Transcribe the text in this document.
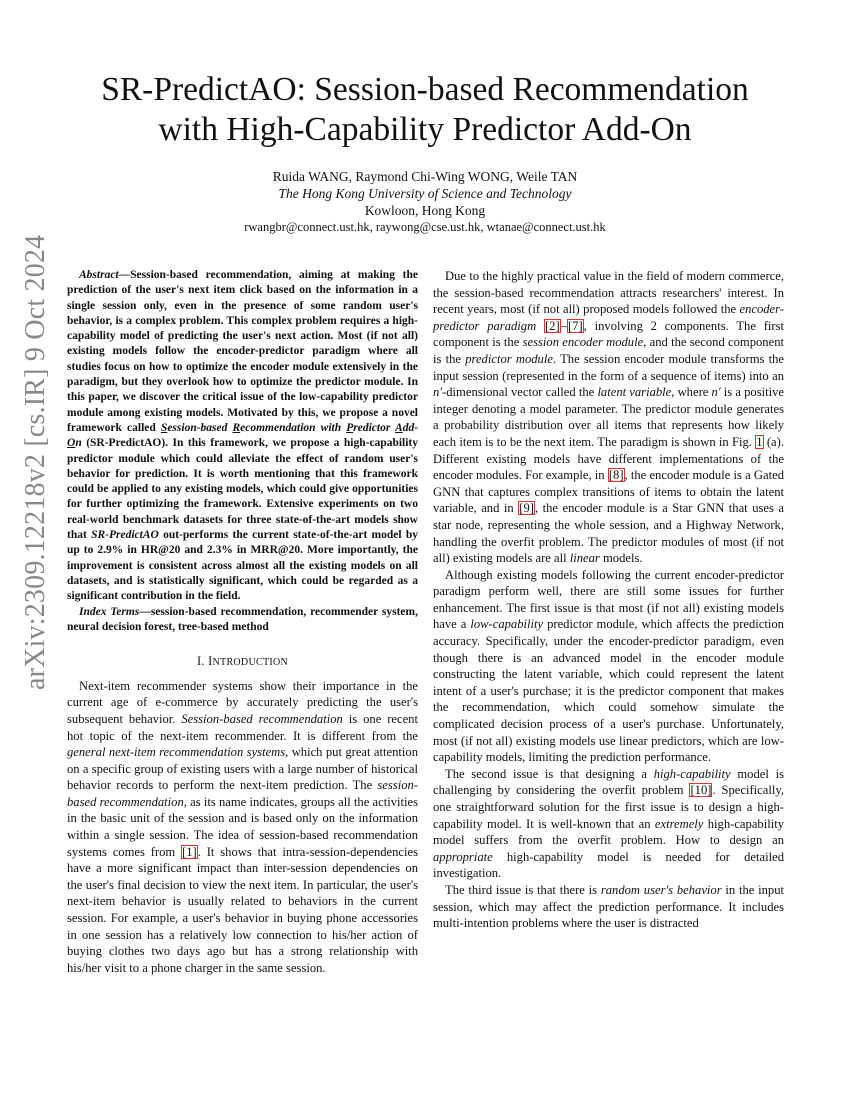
arXiv:2309.12218v2 [cs.IR] 9 Oct 2024
SR-PredictAO: Session-based Recommendation
with High-Capability Predictor Add-On
Ruida WANG, Raymond Chi-Wing WONG, Weile TAN
The Hong Kong University of Science and Technology
Kowloon, Hong Kong
rwangbr@connect.ust.hk, raywong@cse.ust.hk, wtanae@connect.ust.hk

Abstract—Session-based recommendation, aiming at making the prediction of the user's next item click based on the information in a single session only, even in the presence of some random user's behavior, is a complex problem. This complex problem requires a high-capability model of predicting the user's next action. Most (if not all) existing models follow the encoder-predictor paradigm where all studies focus on how to optimize the encoder module extensively in the paradigm, but they overlook how to optimize the predictor module. In this paper, we discover the critical issue of the low-capability predictor module among existing models. Motivated by this, we propose a novel framework called Session-based Recommendation with Predictor Add-On (SR-PredictAO). In this framework, we propose a high-capability predictor module which could alleviate the effect of random user's behavior for prediction. It is worth mentioning that this framework could be applied to any existing models, which could give opportunities for further optimizing the framework. Extensive experiments on two real-world benchmark datasets for three state-of-the-art models show that SR-PredictAO out-performs the current state-of-the-art model by up to 2.9% in HR@20 and 2.3% in MRR@20. More importantly, the improvement is consistent across almost all the existing models on all datasets, and is statistically significant, which could be regarded as a significant contribution in the field.

Index Terms—session-based recommendation, recommender system, neural decision forest, tree-based method
I. INTRODUCTION

Next-item recommender systems show their importance in the current age of e-commerce by accurately predicting the user's subsequent behavior. Session-based recommendation is one recent hot topic of the next-item recommender. It is different from the general next-item recommendation systems, which put great attention on a specific group of existing users with a large number of historical behavior records to perform the next-item prediction. The session-based recommendation, as its name indicates, groups all the activities in the basic unit of the session and is based only on the information within a single session. The idea of session-based recommendation systems comes from [1]. It shows that intra-session-dependencies have a more significant impact than inter-session dependencies on the user's final decision to view the next item. In particular, the user's next-item behavior is usually related to behaviors in the current session. For example, a user's behavior in buying phone accessories in one session has a relatively low connection to his/her action of buying clothes two days ago but has a strong relationship with his/her visit to a phone charger in the same session.

Due to the highly practical value in the field of modern commerce, the session-based recommendation attracts researchers' interest. In recent years, most (if not all) proposed models followed the encoder-predictor paradigm [2]–[7], involving 2 components. The first component is the session encoder module, and the second component is the predictor module. The session encoder module transforms the input session (represented in the form of a sequence of items) into an n′-dimensional vector called the latent variable, where n′ is a positive integer denoting a model parameter. The predictor module generates a probability distribution over all items that represents how likely each item is to be the next item. The paradigm is shown in Fig. 1 (a). Different existing models have different implementations of the encoder modules. For example, in [8], the encoder module is a Gated GNN that captures complex transitions of items to obtain the latent variable, and in [9], the encoder module is a Star GNN that uses a star node, representing the whole session, and a Highway Network, handling the overfit problem. The predictor modules of most (if not all) existing models are all linear models.

Although existing models following the current encoder-predictor paradigm perform well, there are still some issues for further enhancement. The first issue is that most (if not all) existing models have a low-capability predictor module, which affects the prediction accuracy. Specifically, under the encoder-predictor paradigm, even though there is an advanced model in the encoder module constructing the latent variable, which could represent the latent intent of a user's purchase; it is the predictor component that makes the recommendation, which could somehow simulate the complicated decision process of a user's purchase. Unfortunately, most (if not all) existing models use linear predictors, which are low-capability models, limiting the prediction performance.

The second issue is that designing a high-capability model is challenging by considering the overfit problem [10]. Specifically, one straightforward solution for the first issue is to design a high-capability model. It is well-known that an extremely high-capability model suffers from the overfit problem. How to design an appropriate high-capability model is needed for detailed investigation.

The third issue is that there is random user's behavior in the input session, which may affect the prediction performance. It includes multi-intention problems where the user is distracted
